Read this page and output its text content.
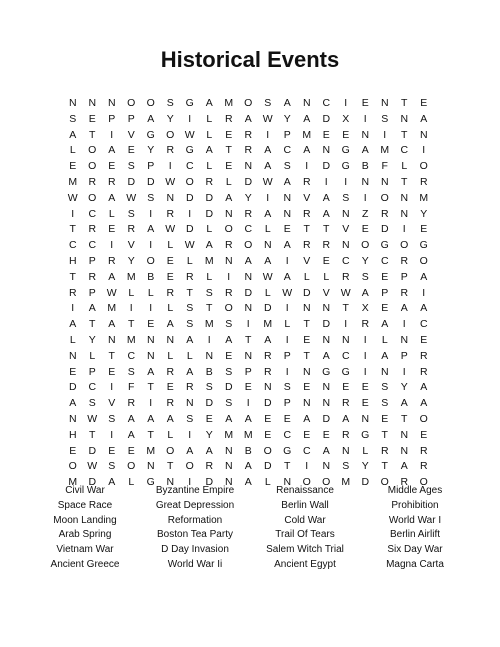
Historical Events
N	N	N	O	O	S	G	A	M	O	S	A	N	C	I	E	N	T	E
S	E	P	P	A	Y	I	L	R	A	W	Y	A	D	X	I	S	N	A
A	T	I	V	G	O W	L	E	R	I	P	M	E	E	N	I	T	N
L	O	A	E	Y	R	G	A	T	R	A	C	A	N	G	A	M	C	I
E	O	E	S	P	I	C	L	E	N	A	S	I	D	G	B	F	L	O
M	R	R	D	D	W O	R	L	D	W	A	R	I	I	N	N	T	R
W O	A	W	S	N	D	D	A	Y	I	N	V	A	S	I	O	N	M
I	C	L	S	I	R	I	D	N	R	A	N	R	A	N	Z	R	N	Y
T	R	E	R	A	W	D	L	O	C	L	E	T	T	V	E	D	I	E
C	C	I	V	I	L	W	A	R	O	N	A	R	R	N	O	G	O	G
H	P	R	Y	O	E	L	M	N	A	A	I	V	E	C	Y	C	R	O
T	R	A	M	B	E	R	L	I	N	W	A	L	L	R	S	E	P	A
R	P	W	L	L	R	T	S	R	D	L	W	D	V	W	A	P	R	I
I	A	M	I	I	L	S	T	O	N	D	I	N	N	T	X	E	A	A
A	T	A	T	E	A	S	M	S	I	M	L	T	D	I	R	A	I	C
L	Y	N	M	N	N	A	I	A	T	A	I	E	N	N	I	L	N	E
N	L	T	C	N	L	L	N	E	N	R	P	T	A	C	I	A	P	R
E	P	E	S	A	R	A	B	S	P	R	I	N	G	G	I	N	I	R
D	C	I	F	T	E	R	S	D	E	N	S	E	N	E	E	S	Y	A
A	S	V	R	I	R	N	D	S	I	D	P	N	N	R	E	S	A	A
N	W	S	A	A	A	S	E	A	A	E	E	A	D	A	N	E	T	O
H	T	I	A	T	L	I	Y	M	M	E	C	E	E	R	G	T	N	E
E	D	E	E	M	O	A	A	N	B	O	G	C	A	N	L	R	N	R
O W	S	O	N	T	O	R	N	A	D	T	I	N	S	Y	T	A	R
M	D	A	L	G	N	I	D	N	A	L	N	O	O	M	D	O	R	O
Civil War	Byzantine Empire	Renaissance	Middle Ages
Space Race	Great Depression	Berlin Wall	Prohibition
Moon Landing	Reformation	Cold War	World War I
Arab Spring	Boston Tea Party	Trail Of Tears	Berlin Airlift
Vietnam War	D Day Invasion	Salem Witch Trial	Six Day War
Ancient Greece	World War Ii	Ancient Egypt	Magna Carta
